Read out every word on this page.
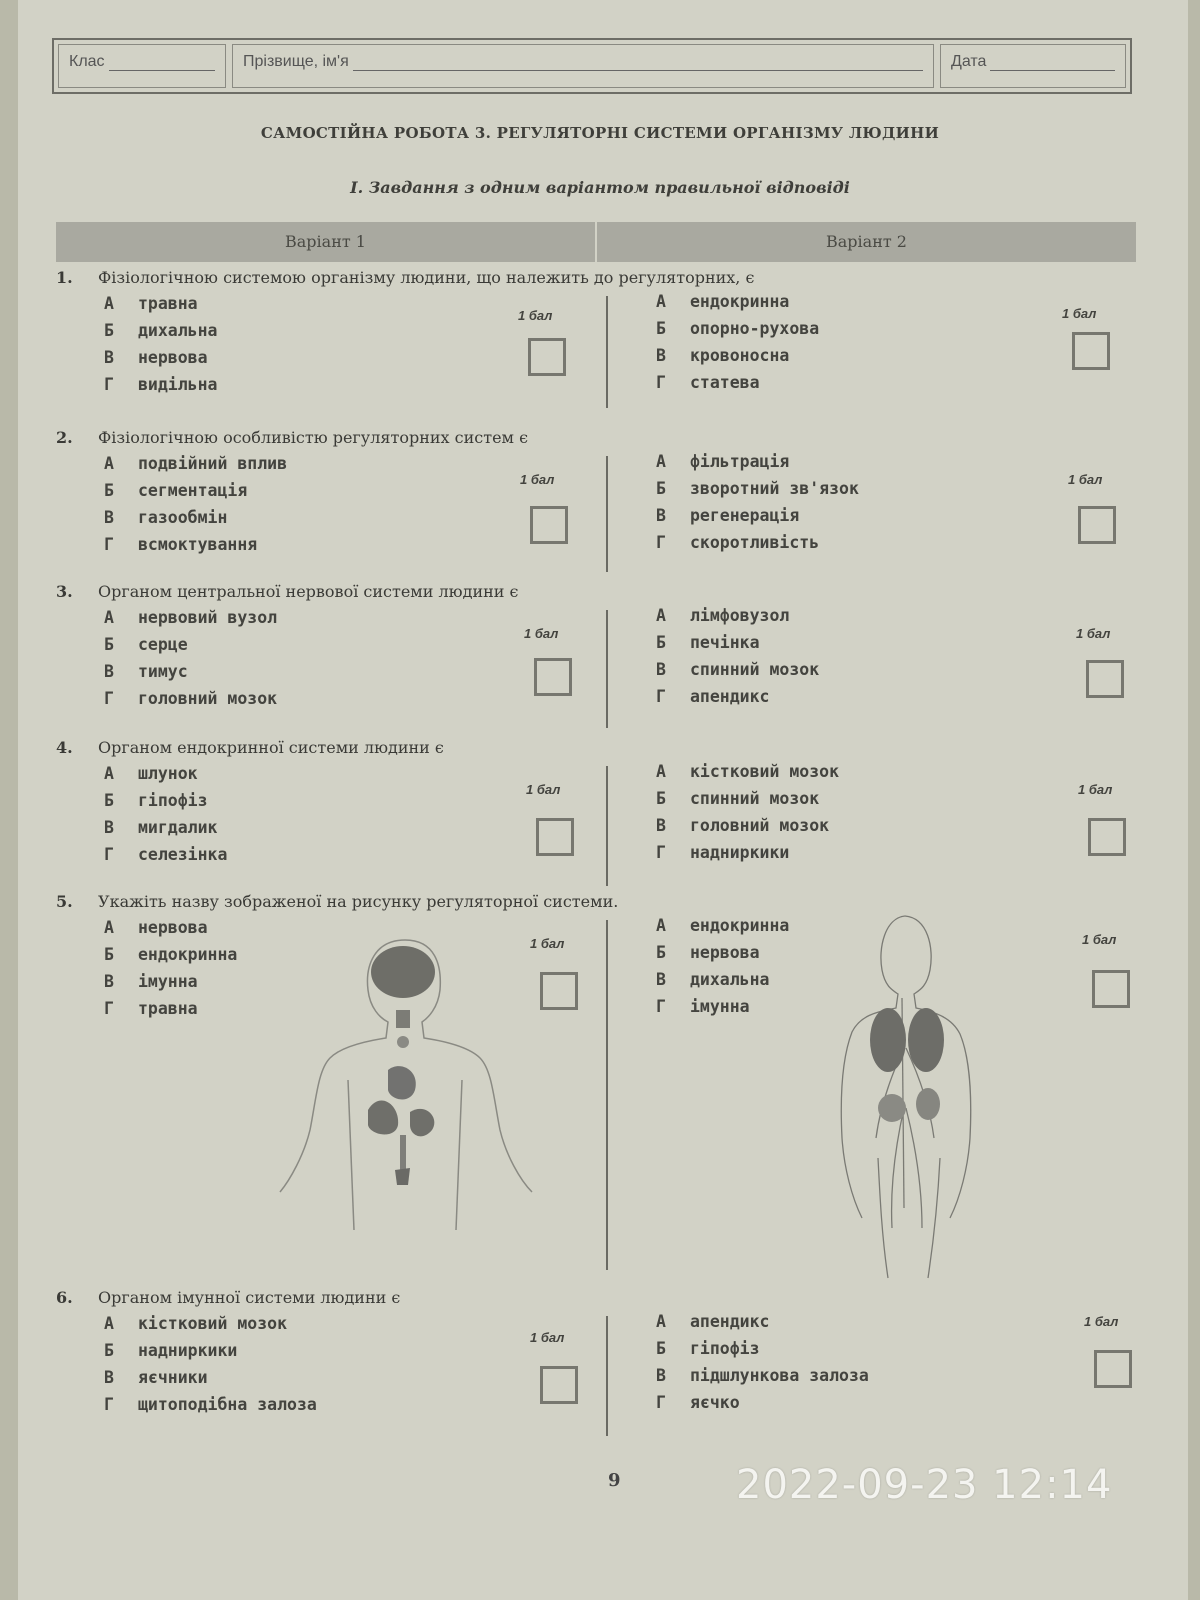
Клас	Прізвище, ім'я	Дата
САМОСТІЙНА РОБОТА 3. РЕГУЛЯТОРНІ СИСТЕМИ ОРГАНІЗМУ ЛЮДИНИ
I. Завдання з одним варіантом правильної відповіді
Варіант 1	Варіант 2
1. Фізіологічною системою організму людини, що належить до регуляторних, є
А травна
Б дихальна
В нервова
Г видільна
А ендокринна
Б опорно-рухова
В кровоносна
Г статева
1 бал	1 бал
2. Фізіологічною особливістю регуляторних систем є
А подвійний вплив
Б сегментація
В газообмін
Г всмоктування
А фільтрація
Б зворотний зв'язок
В регенерація
Г скоротливість
1 бал	1 бал
3. Органом центральної нервової системи людини є
А нервовий вузол
Б серце
В тимус
Г головний мозок
А лімфовузол
Б печінка
В спинний мозок
Г апендикс
1 бал	1 бал
4. Органом ендокринної системи людини є
А шлунок
Б гіпофіз
В мигдалик
Г селезінка
А кістковий мозок
Б спинний мозок
В головний мозок
Г надниркики
1 бал	1 бал
5. Укажіть назву зображеної на рисунку регуляторної системи.
А нервова
Б ендокринна
В імунна
Г травна
А ендокринна
Б нервова
В дихальна
Г імунна
1 бал	1 бал
6. Органом імунної системи людини є
А кістковий мозок
Б надниркики
В яєчники
Г щитоподібна залоза
А апендикс
Б гіпофіз
В підшлункова залоза
Г яєчко
1 бал
1 бал
9	2022-09-23 12:14
